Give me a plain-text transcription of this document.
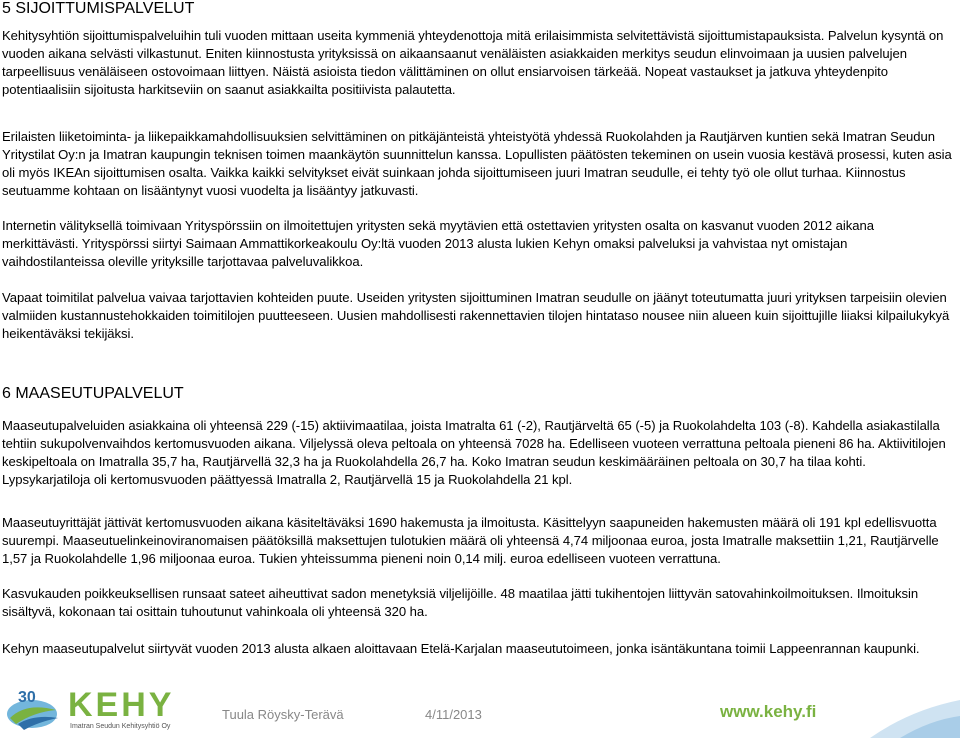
5 SIJOITTUMISPALVELUT
Kehitysyhtiön sijoittumispalveluihin tuli vuoden mittaan useita kymmeniä yhteydenottoja mitä erilaisimmista selvitettävistä sijoittumistapauksista. Palvelun kysyntä on vuoden aikana selvästi vilkastunut. Eniten kiinnostusta yrityksissä on aikaansaanut venäläisten asiakkaiden merkitys seudun elinvoimaan ja uusien palvelujen tarpeellisuus venäläiseen ostovoimaan liittyen. Näistä asioista tiedon välittäminen on ollut ensiarvoisen tärkeää. Nopeat vastaukset ja jatkuva yhteydenpito potentiaalisiin sijoitusta harkitseviin on saanut asiakkailta positiivista palautetta.
Erilaisten liiketoiminta- ja liikepaikkamahdollisuuksien selvittäminen on pitkäjänteistä yhteistyötä yhdessä Ruokolahden ja Rautjärven kuntien sekä Imatran Seudun Yritystilat Oy:n ja Imatran kaupungin teknisen toimen maankäytön suunnittelun kanssa. Lopullisten päätösten tekeminen on usein vuosia kestävä prosessi, kuten asia oli myös IKEAn sijoittumisen osalta. Vaikka kaikki selvitykset eivät suinkaan johda sijoittumiseen juuri Imatran seudulle, ei tehty työ ole ollut turhaa. Kiinnostus seutuamme kohtaan on lisääntynyt vuosi vuodelta ja lisääntyy jatkuvasti.
Internetin välityksellä toimivaan Yrityspörssiin on ilmoitettujen yritysten sekä myytävien että ostettavien yritysten osalta on kasvanut vuoden 2012 aikana merkittävästi. Yrityspörssi siirtyi Saimaan Ammattikorkeakoulu Oy:ltä vuoden 2013 alusta lukien Kehyn omaksi palveluksi ja vahvistaa nyt omistajan vaihdostilanteissa oleville yrityksille tarjottavaa palveluvalikkoa.
Vapaat toimitilat palvelua vaivaa tarjottavien kohteiden puute. Useiden yritysten sijoittuminen Imatran seudulle on jäänyt toteutumatta juuri yrityksen tarpeisiin olevien valmiiden kustannustehokkaiden toimitilojen puutteeseen. Uusien mahdollisesti rakennettavien tilojen hintataso nousee niin alueen kuin sijoittujille liiaksi kilpailukykyä heikentäväksi tekijäksi.
6 MAASEUTUPALVELUT
Maaseutupalveluiden asiakkaina oli yhteensä 229 (-15) aktiivimaatilaa, joista Imatralta 61 (-2), Rautjärveltä 65 (-5) ja Ruokolahdelta 103 (-8). Kahdella asiakastilalla tehtiin sukupolvenvaihdos kertomusvuoden aikana. Viljelyssä oleva peltoala on yhteensä 7028 ha. Edelliseen vuoteen verrattuna peltoala pieneni 86 ha. Aktiivitilojen keskipeltoala on Imatralla 35,7 ha, Rautjärvellä 32,3 ha ja Ruokolahdella 26,7 ha. Koko Imatran seudun keskimääräinen peltoala on 30,7 ha tilaa kohti. Lypsykarjatiloja oli kertomusvuoden päättyessä Imatralla 2, Rautjärvellä 15 ja Ruokolahdella 21 kpl.
Maaseutuyrittäjät jättivät kertomusvuoden aikana käsiteltäväksi 1690 hakemusta ja ilmoitusta. Käsittelyyn saapuneiden hakemusten määrä oli 191 kpl edellisvuotta suurempi. Maaseutuelinkeinoviranomaisen päätöksillä maksettujen tulotukien määrä oli yhteensä 4,74 miljoonaa euroa, josta Imatralle maksettiin 1,21, Rautjärvelle 1,57 ja Ruokolahdelle 1,96 miljoonaa euroa. Tukien yhteissumma pieneni noin 0,14 milj. euroa edelliseen vuoteen verrattuna.
Kasvukauden poikkeuksellisen runsaat sateet aiheuttivat sadon menetyksiä viljelijöille. 48 maatilaa jätti tukihentojen liittyvän satovahinkoilmoituksen. Ilmoituksin sisältyvä, kokonaan tai osittain tuhoutunut vahinkoala oli yhteensä 320 ha.
Kehyn maaseutupalvelut siirtyvät vuoden 2013 alusta alkaen aloittavaan Etelä-Karjalan maaseututoimeen, jonka isäntäkuntana toimii Lappeenrannan kaupunki.
30 KEHY
Imatran Seudun Kehitysyhtiö Oy
Tuula Röysky-Terävä	4/11/2013	www.kehy.fi
